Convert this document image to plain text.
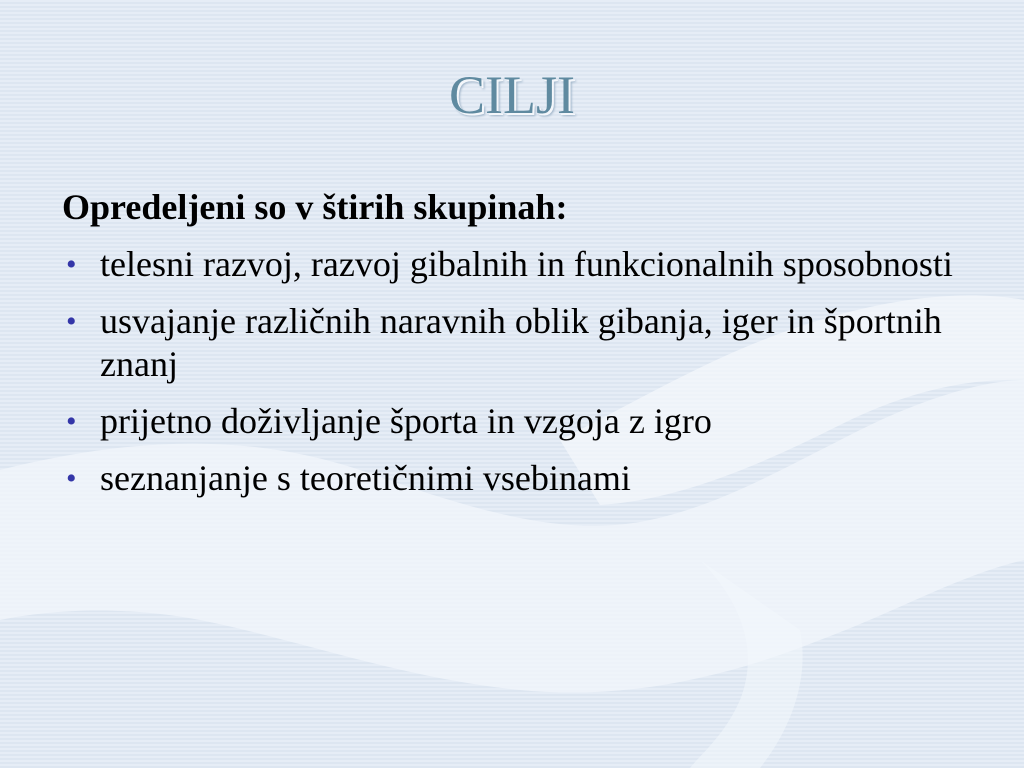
CILJI

Opredeljeni so v štirih skupinah:

• telesni razvoj, razvoj gibalnih in funkcionalnih sposobnosti
• usvajanje različnih naravnih oblik gibanja, iger in športnih znanj
• prijetno doživljanje športa in vzgoja z igro
• seznanjanje s teoretičnimi vsebinami
